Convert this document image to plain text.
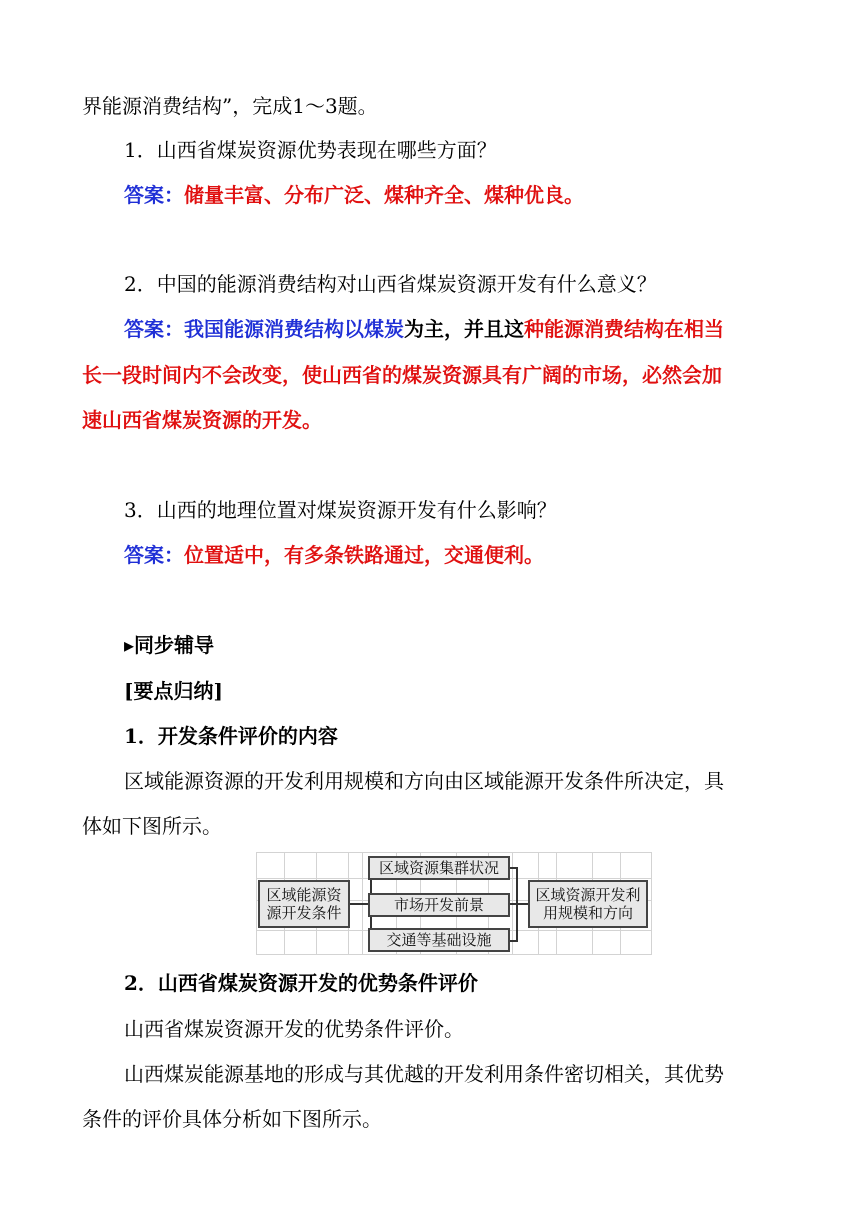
界能源消费结构”，完成1～3题。
1．山西省煤炭资源优势表现在哪些方面？
答案：储量丰富、分布广泛、煤种齐全、煤种优良。
2．中国的能源消费结构对山西省煤炭资源开发有什么意义？
答案：我国能源消费结构以煤炭为主，并且这种能源消费结构在相当
长一段时间内不会改变，使山西省的煤炭资源具有广阔的市场，必然会加
速山西省煤炭资源的开发。
3．山西的地理位置对煤炭资源开发有什么影响？
答案：位置适中，有多条铁路通过，交通便利。
▸同步辅导
[要点归纳]
1．开发条件评价的内容
区域能源资源的开发利用规模和方向由区域能源开发条件所决定，具
体如下图所示。
区域能源资
源开发条件
区域资源集群状况
市场开发前景
交通等基础设施
区域资源开发利
用规模和方向
2．山西省煤炭资源开发的优势条件评价
山西省煤炭资源开发的优势条件评价。
山西煤炭能源基地的形成与其优越的开发利用条件密切相关，其优势
条件的评价具体分析如下图所示。
